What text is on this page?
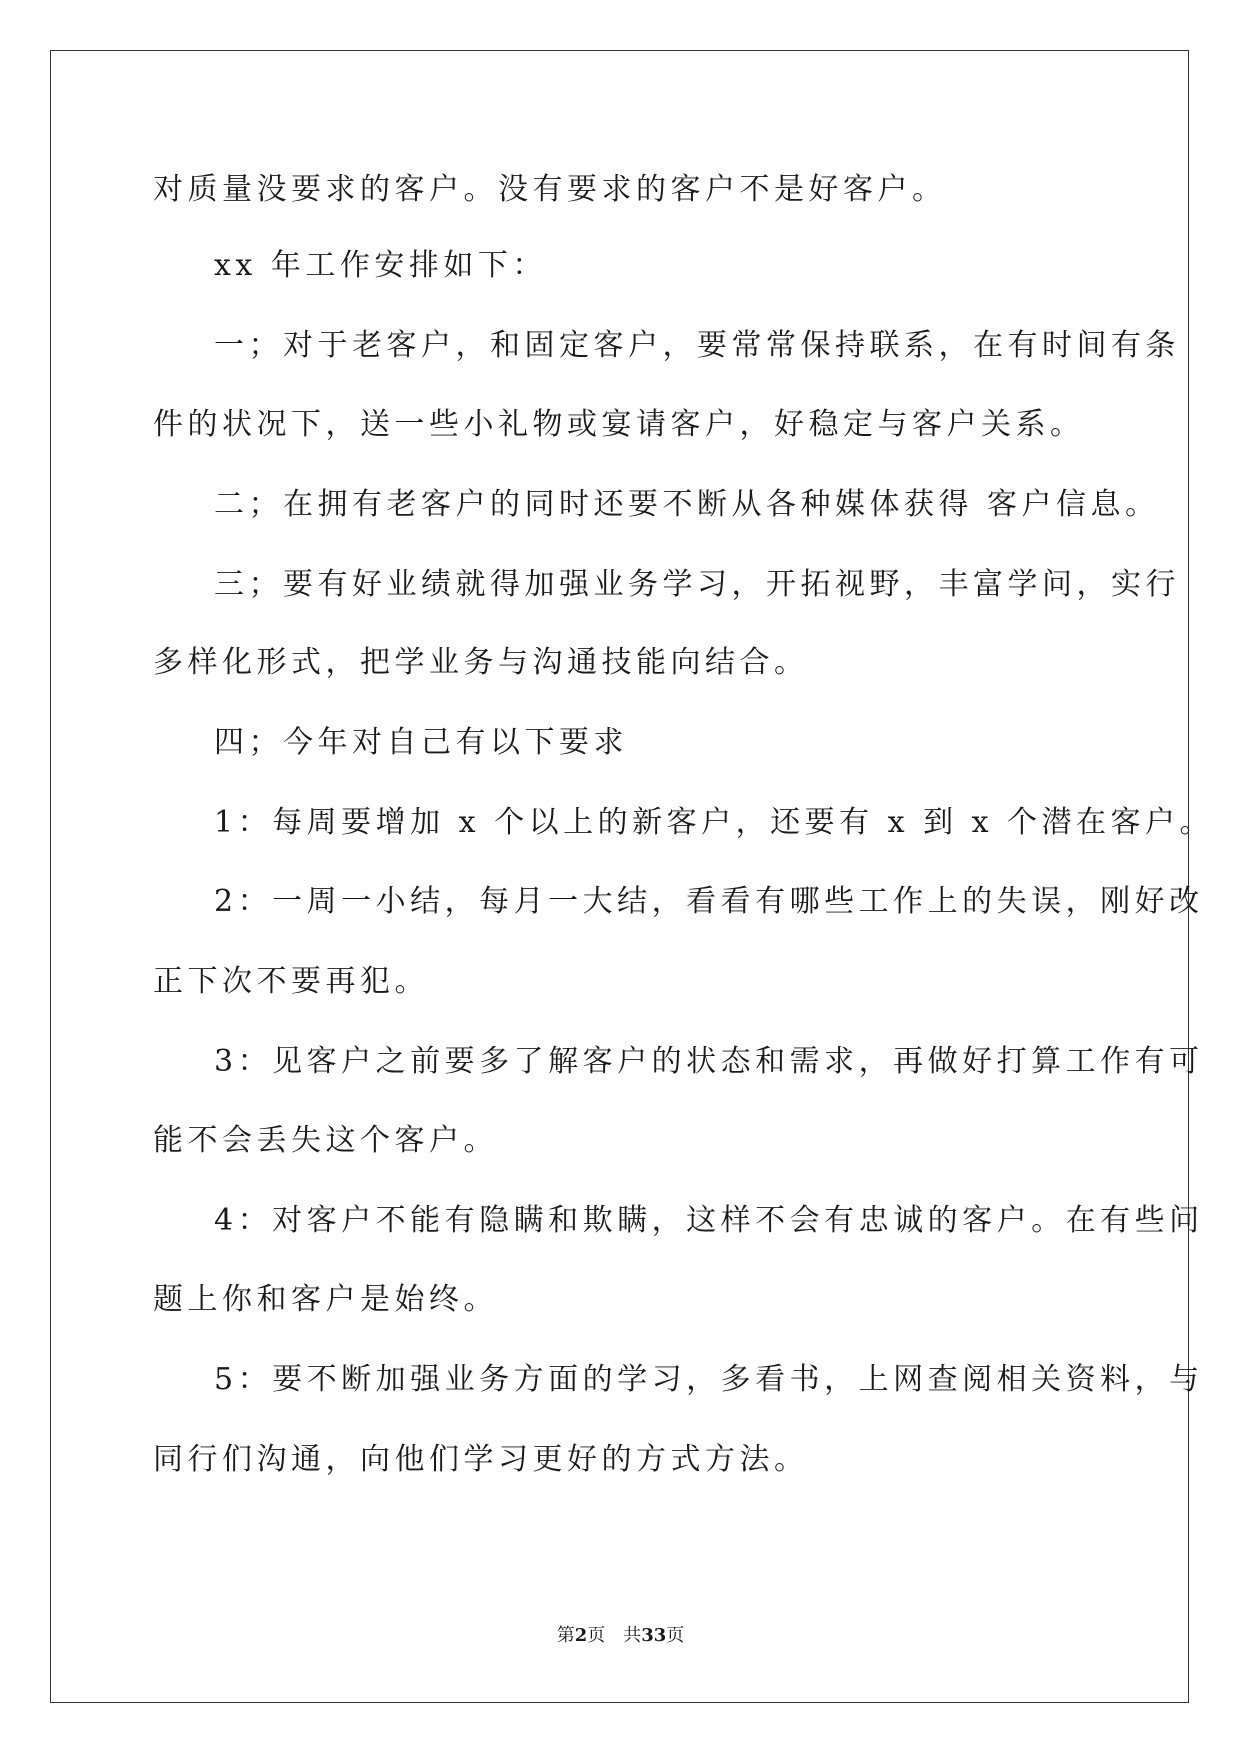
对质量没要求的客户。没有要求的客户不是好客户。
xx 年工作安排如下：
一；对于老客户，和固定客户，要常常保持联系，在有时间有条
件的状况下，送一些小礼物或宴请客户，好稳定与客户关系。
二；在拥有老客户的同时还要不断从各种媒体获得 客户信息。
三；要有好业绩就得加强业务学习，开拓视野，丰富学问，实行
多样化形式，把学业务与沟通技能向结合。
四；今年对自己有以下要求
1：每周要增加 x 个以上的新客户，还要有 x 到 x 个潜在客户。
2：一周一小结，每月一大结，看看有哪些工作上的失误，刚好改
正下次不要再犯。
3：见客户之前要多了解客户的状态和需求，再做好打算工作有可
能不会丢失这个客户。
4：对客户不能有隐瞒和欺瞒，这样不会有忠诚的客户。在有些问
题上你和客户是始终。
5：要不断加强业务方面的学习，多看书，上网查阅相关资料，与
同行们沟通，向他们学习更好的方式方法。
第2页 共33页
